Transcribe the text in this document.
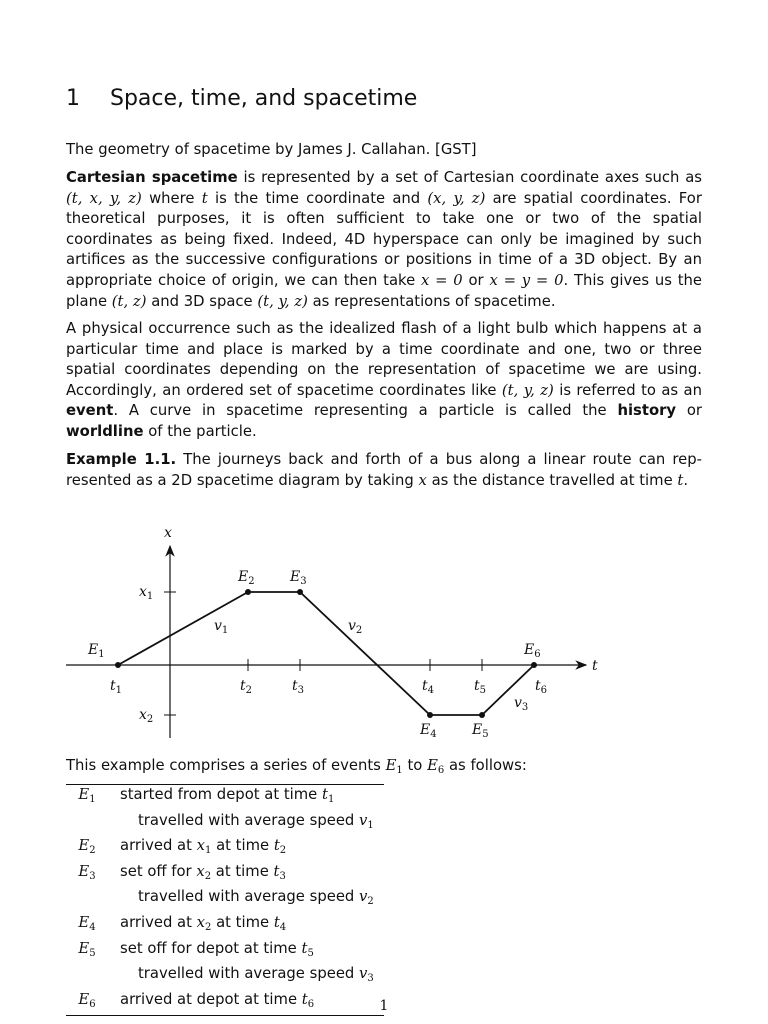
1 Space, time, and spacetime

The geometry of spacetime by James J. Callahan. [GST]

Cartesian spacetime is represented by a set of Cartesian coordinate axes such as (t, x, y, z) where t is the time coordinate and (x, y, z) are spatial coordinates. For theoretical purposes, it is often sufficient to take one or two of the spatial coordinates as being fixed. Indeed, 4D hyperspace can only be imagined by such artifices as the successive configurations or positions in time of a 3D object. By an appropriate choice of origin, we can then take x = 0 or x = y = 0. This gives us the plane (t, z) and 3D space (t, y, z) as representations of spacetime.

A physical occurrence such as the idealized flash of a light bulb which happens at a particular time and place is marked by a time coordinate and one, two or three spatial coordinates depending on the representation of spacetime we are using. Accordingly, an ordered set of spacetime coordinates like (t, y, z) is referred to as an event. A curve in spacetime representing a particle is called the history or worldline of the particle.

Example 1.1. The journeys back and forth of a bus along a linear route can represented as a 2D spacetime diagram by taking x as the distance travelled at time t.

This example comprises a series of events $E_1$ to $E_6$ as follows:

$E_1$	started from depot at time $t_1$
	travelled with average speed $v_1$
$E_2$	arrived at $x_1$ at time $t_2$
$E_3$	set off for $x_2$ at time $t_3$
	travelled with average speed $v_2$
$E_4$	arrived at $x_2$ at time $t_4$
$E_5$	set off for depot at time $t_5$
	travelled with average speed $v_3$
$E_6$	arrived at depot at time $t_6$
t
x
$x_1$
$x_2$
$t_1$	$t_2$	$t_3$	$t_4$	$t_5$	$t_6$
$E_1$
$E_2$	$E_3$
$E_4$	$E_5$
$E_6$
$v_1$	$v_2$
$v_3$
1
